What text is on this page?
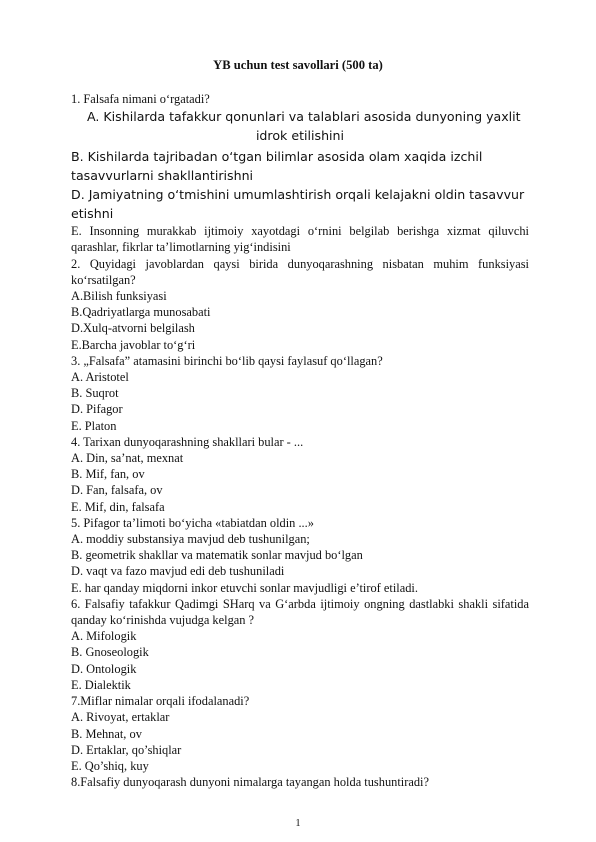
YB uchun test savollari (500 ta)
1. Falsafa nimani o‘rgatadi?
A. Kishilarda tafakkur qonunlari va talablari asosida dunyoning yaxlit
idrok etilishini
B. Kishilarda tajribadan o‘tgan bilimlar asosida olam xaqida izchil tasavvurlarni shakllantirishni
D. Jamiyatning o‘tmishini umumlashtirish orqali kelajakni oldin tasavvur etishni
E. Insonning murakkab ijtimoiy xayotdagi o‘rnini belgilab berishga xizmat qiluvchi qarashlar, fikrlar ta’limotlarning yig‘indisini
2. Quyidagi javoblardan qaysi birida dunyoqarashning nisbatan muhim funksiyasi ko‘rsatilgan?
A.Bilish funksiyasi
B.Qadriyatlarga munosabati
D.Xulq-atvorni belgilash
E.Barcha javoblar to‘g‘ri
3. „Falsafa” atamasini birinchi bo‘lib qaysi faylasuf qo‘llagan?
A. Aristotel
B. Suqrot
D. Pifagor
E. Platon
4. Tarixan dunyoqarashning shakllari bular - ...
A. Din, sa’nat, mexnat
B. Mif, fan, ov
D. Fan, falsafa, ov
E. Mif, din, falsafa
5. Pifagor ta’limoti bo‘yicha «tabiatdan oldin ...»
A. moddiy substansiya mavjud deb tushunilgan;
B. geometrik shakllar va matematik sonlar mavjud bo‘lgan
D. vaqt va fazo mavjud edi deb tushuniladi
E. har qanday miqdorni inkor etuvchi sonlar mavjudligi e’tirof etiladi.
6. Falsafiy tafakkur Qadimgi SHarq va G‘arbda ijtimoiy ongning dastlabki shakli sifatida qanday ko‘rinishda vujudga kelgan ?
A. Mifologik
B. Gnoseologik
D. Ontologik
E. Dialektik
7.Miflar nimalar orqali ifodalanadi?
A. Rivoyat, ertaklar
B. Mehnat, ov
D. Ertaklar, qo’shiqlar
E. Qo’shiq, kuy
8.Falsafiy dunyoqarash dunyoni nimalarga tayangan holda tushuntiradi?
1
